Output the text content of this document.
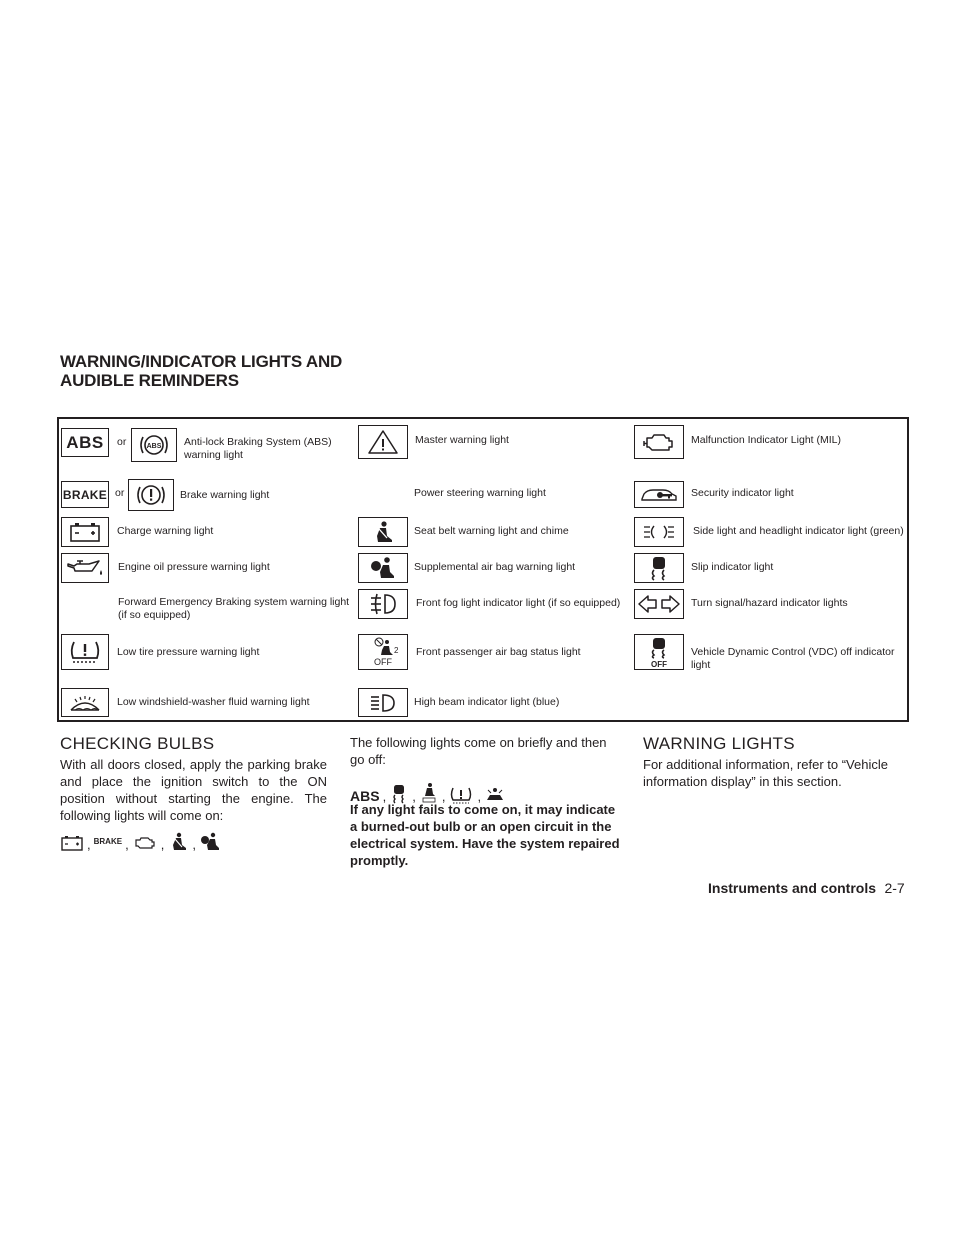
WARNING/INDICATOR LIGHTS AND
AUDIBLE REMINDERS
ABS or	ABS Anti-lock Braking System (ABS)
warning light
BRAKE or	Brake warning light
Charge warning light
Engine oil pressure warning light
Forward Emergency Braking system warning light
(if so equipped)
Low tire pressure warning light
Low windshield-washer fluid warning light
Master warning light
Power steering warning light
Seat belt warning light and chime
Supplemental air bag warning light
Front fog light indicator light (if so equipped)
2
OFF
Front passenger air bag status light
High beam indicator light (blue)
Malfunction Indicator Light (MIL)
Security indicator light
Side light and headlight indicator light (green)
Slip indicator light
Turn signal/hazard indicator lights
OFF
Vehicle Dynamic Control (VDC) off indicator
light
CHECKING BULBS
With all doors closed, apply the parking brake and place the ignition switch to the ON position without starting the engine. The following lights will come on:
, BRAKE , , ,
The following lights come on briefly and then go off:
ABS , , , ,
If any light fails to come on, it may indicate a burned-out bulb or an open circuit in the electrical system. Have the system repaired promptly.
WARNING LIGHTS
For additional information, refer to “Vehicle information display” in this section.
Instruments and controls 2-7
